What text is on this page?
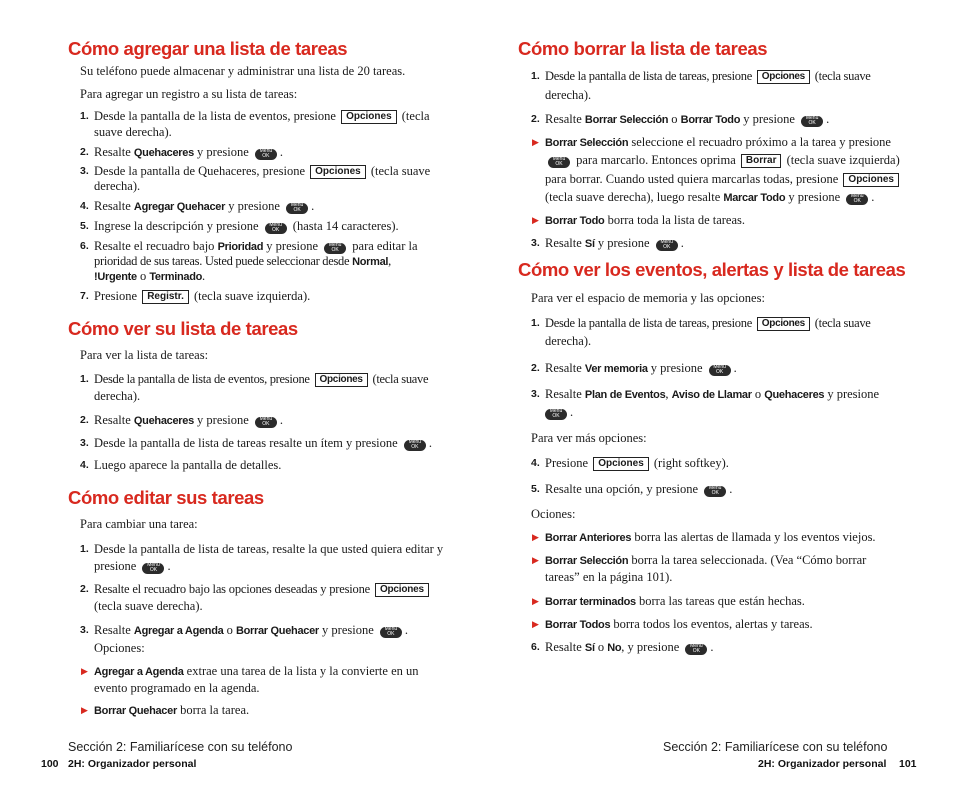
Cómo agregar una lista de tareas
Su teléfono puede almacenar y administrar una lista de 20 tareas.
Para agregar un registro a su lista de tareas:
1. Desde la pantalla de la lista de eventos, presione Opciones (tecla
suave derecha).
2. Resalte Quehaceres y presione	Menu
OK .
3. Desde la pantalla de Quehaceres, presione Opciones (tecla suave
derecha).
4. Resalte Agregar Quehacer y presione	Menu
OK .
5. Ingrese la descripción y presione	Menu
OK	(hasta 14 caracteres).
6. Resalte el recuadro bajo Prioridad y presione	Menu
OK	para editar la
prioridad de sus tareas. Usted puede seleccionar desde Normal,
!Urgente o Terminado.
7. Presione Registr. (tecla suave izquierda).
Cómo ver su lista de tareas
Para ver la lista de tareas:
1. Desde la pantalla de lista de eventos, presione Opciones (tecla suave
derecha).
2. Resalte Quehaceres y presione	Menu
OK .
3. Desde la pantalla de lista de tareas resalte un ítem y presione	Menu
OK .
4. Luego aparece la pantalla de detalles.
Cómo editar sus tareas
Para cambiar una tarea:
1. Desde la pantalla de lista de tareas, resalte la que usted quiera editar y
presione	Menu
OK .
2. Resalte el recuadro bajo las opciones deseadas y presione Opciones
(tecla suave derecha).
3. Resalte Agregar a Agenda o Borrar Quehacer y presione	Menu
OK .
Opciones:
▶ Agregar a Agenda extrae una tarea de la lista y la convierte en un
evento programado en la agenda.
▶ Borrar Quehacer borra la tarea.
Sección 2: Familiarícese con su teléfono
100 2H: Organizador personal
Cómo borrar la lista de tareas
1. Desde la pantalla de lista de tareas, presione Opciones (tecla suave
derecha).
2. Resalte Borrar Selección o Borrar Todo y presione	Menu
OK .
▶ Borrar Selección seleccione el recuadro próximo a la tarea y presione
Menu
OK	para marcarlo. Entonces oprima Borrar (tecla suave izquierda)
para borrar. Cuando usted quiera marcarlas todas, presione Opciones
(tecla suave derecha), luego resalte Marcar Todo y presione	Menu
OK .
▶ Borrar Todo borra toda la lista de tareas.
3. Resalte Sí y presione	Menu
OK .
Cómo ver los eventos, alertas y lista de tareas
Para ver el espacio de memoria y las opciones:
1. Desde la pantalla de lista de tareas, presione Opciones (tecla suave
derecha).
2. Resalte Ver memoria y presione	Menu
OK .
3. Resalte Plan de Eventos, Aviso de Llamar o Quehaceres y presione
Menu
OK .
Para ver más opciones:
4. Presione Opciones (right softkey).
5. Resalte una opción, y presione	Menu
OK .
Ociones:
▶ Borrar Anteriores borra las alertas de llamada y los eventos viejos.
▶ Borrar Selección borra la tarea seleccionada. (Vea “Cómo borrar
tareas” en la página 101).
▶ Borrar terminados borra las tareas que están hechas.
▶ Borrar Todos borra todos los eventos, alertas y tareas.
6. Resalte Sí o No, y presione	Menu
OK .
Sección 2: Familiarícese con su teléfono
2H: Organizador personal 101
